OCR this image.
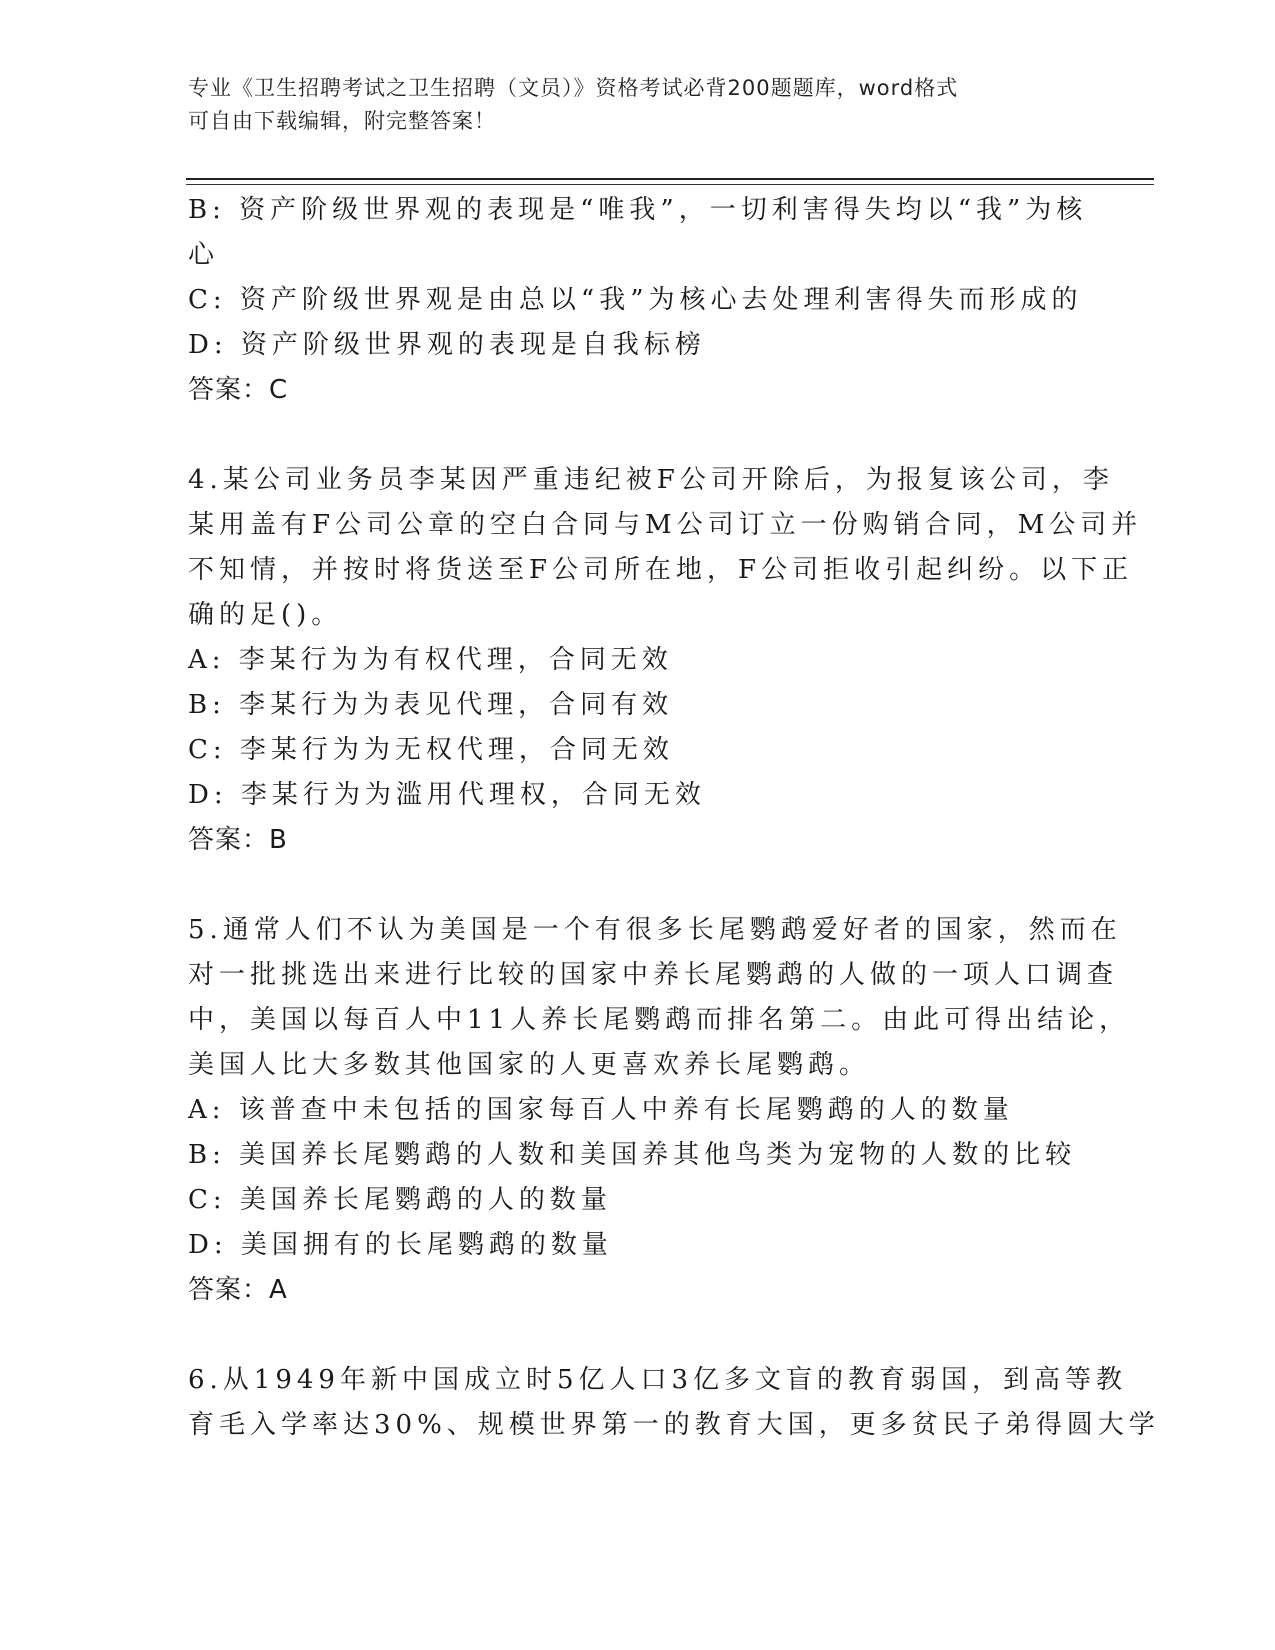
专业《卫生招聘考试之卫生招聘（文员）》资格考试必背200题题库，word格式
可自由下载编辑，附完整答案！
B: 资产阶级世界观的表现是“唯我”，一切利害得失均以“我”为核
心
C: 资产阶级世界观是由总以“我”为核心去处理利害得失而形成的
D: 资产阶级世界观的表现是自我标榜
答案：C
4.某公司业务员李某因严重违纪被F公司开除后，为报复该公司，李
某用盖有F公司公章的空白合同与M公司订立一份购销合同，M公司并
不知情，并按时将货送至F公司所在地，F公司拒收引起纠纷。以下正
确的足()。
A: 李某行为为有权代理，合同无效
B: 李某行为为表见代理，合同有效
C: 李某行为为无权代理，合同无效
D: 李某行为为滥用代理权，合同无效
答案：B
5.通常人们不认为美国是一个有很多长尾鹦鹉爱好者的国家，然而在
对一批挑选出来进行比较的国家中养长尾鹦鹉的人做的一项人口调查
中，美国以每百人中11人养长尾鹦鹉而排名第二。由此可得出结论，
美国人比大多数其他国家的人更喜欢养长尾鹦鹉。
A: 该普查中未包括的国家每百人中养有长尾鹦鹉的人的数量
B: 美国养长尾鹦鹉的人数和美国养其他鸟类为宠物的人数的比较
C: 美国养长尾鹦鹉的人的数量
D: 美国拥有的长尾鹦鹉的数量
答案：A
6.从1949年新中国成立时5亿人口3亿多文盲的教育弱国，到高等教
育毛入学率达30%、规模世界第一的教育大国，更多贫民子弟得圆大学
